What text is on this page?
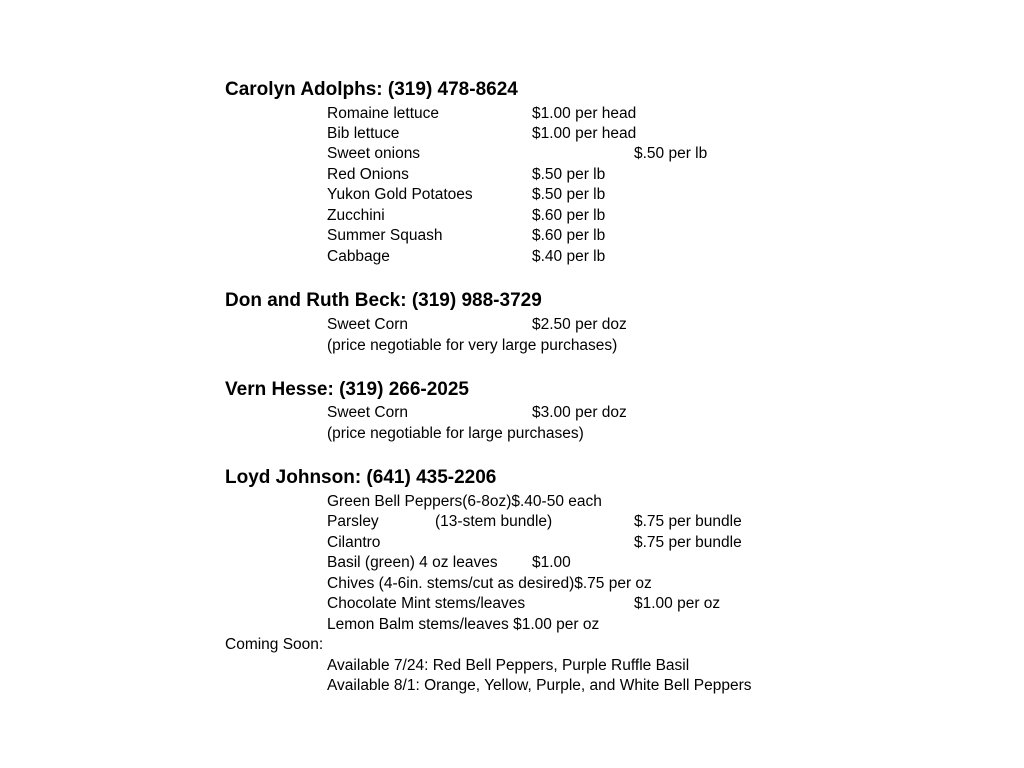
Carolyn Adolphs: (319) 478-8624
Romaine lettuce	$1.00 per head
Bib lettuce	$1.00 per head
Sweet onions	$.50 per lb
Red Onions	$.50 per lb
Yukon Gold Potatoes	$.50 per lb
Zucchini	$.60 per lb
Summer Squash	$.60 per lb
Cabbage	$.40 per lb
Don and Ruth Beck: (319) 988-3729
Sweet Corn	$2.50 per doz
(price negotiable for very large purchases)
Vern Hesse: (319) 266-2025
Sweet Corn	$3.00 per doz
(price negotiable for large purchases)
Loyd Johnson: (641) 435-2206
Green Bell Peppers(6-8oz)$.40-50 each
Parsley	(13-stem bundle)	$.75 per bundle
Cilantro	$.75 per bundle
Basil (green) 4 oz leaves $1.00
Chives (4-6in. stems/cut as desired)$.75 per oz
Chocolate Mint stems/leaves	$1.00 per oz
Lemon Balm stems/leaves $1.00 per oz
Coming Soon:
Available 7/24: Red Bell Peppers, Purple Ruffle Basil
Available 8/1: Orange, Yellow, Purple, and White Bell Peppers
